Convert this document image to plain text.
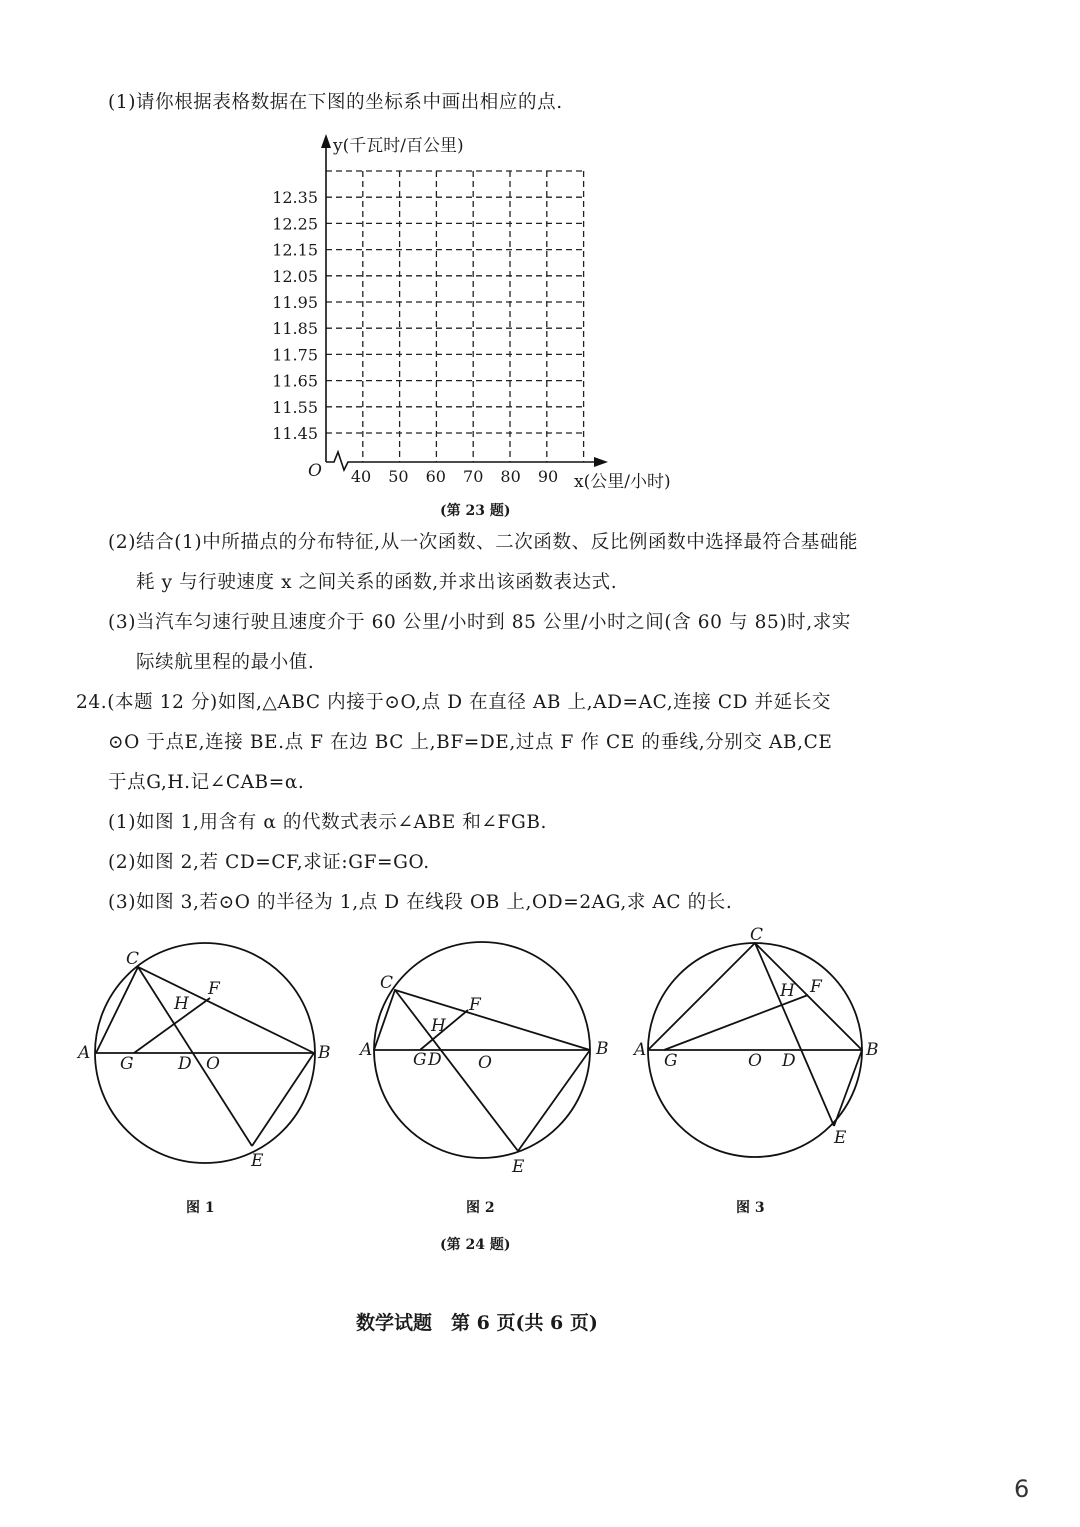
(1)请你根据表格数据在下图的坐标系中画出相应的点.
(2)结合(1)中所描点的分布特征,从一次函数、二次函数、反比例函数中选择最符合基础能
耗 y 与行驶速度 x 之间关系的函数,并求出该函数表达式.
(3)当汽车匀速行驶且速度介于 60 公里/小时到 85 公里/小时之间(含 60 与 85)时,求实
际续航里程的最小值.
24.(本题 12 分)如图,△ABC 内接于⊙O,点 D 在直径 AB 上,AD=AC,连接 CD 并延长交
⊙O 于点E,连接 BE.点 F 在边 BC 上,BF=DE,过点 F 作 CE 的垂线,分别交 AB,CE
于点G,H.记∠CAB=α.
(1)如图 1,用含有 α 的代数式表示∠ABE 和∠FGB.
(2)如图 2,若 CD=CF,求证:GF=GO.
(3)如图 3,若⊙O 的半径为 1,点 D 在线段 OB 上,OD=2AG,求 AC 的长.
y(千瓦时/百公里)
x(公里/小时)
O
12.35
12.25
12.15
12.05
11.95
11.85
11.75
11.65
11.55
11.45
40 50 60 70 80 90
(第 23 题)
C
A	B
G	D O
H
F
E
图 1
C
A	B
G D O
H
F
E
图 2
C
A	B
G	O D
H F
E
图 3
(第 24 题)
数学试题　第 6 页(共 6 页)
6
